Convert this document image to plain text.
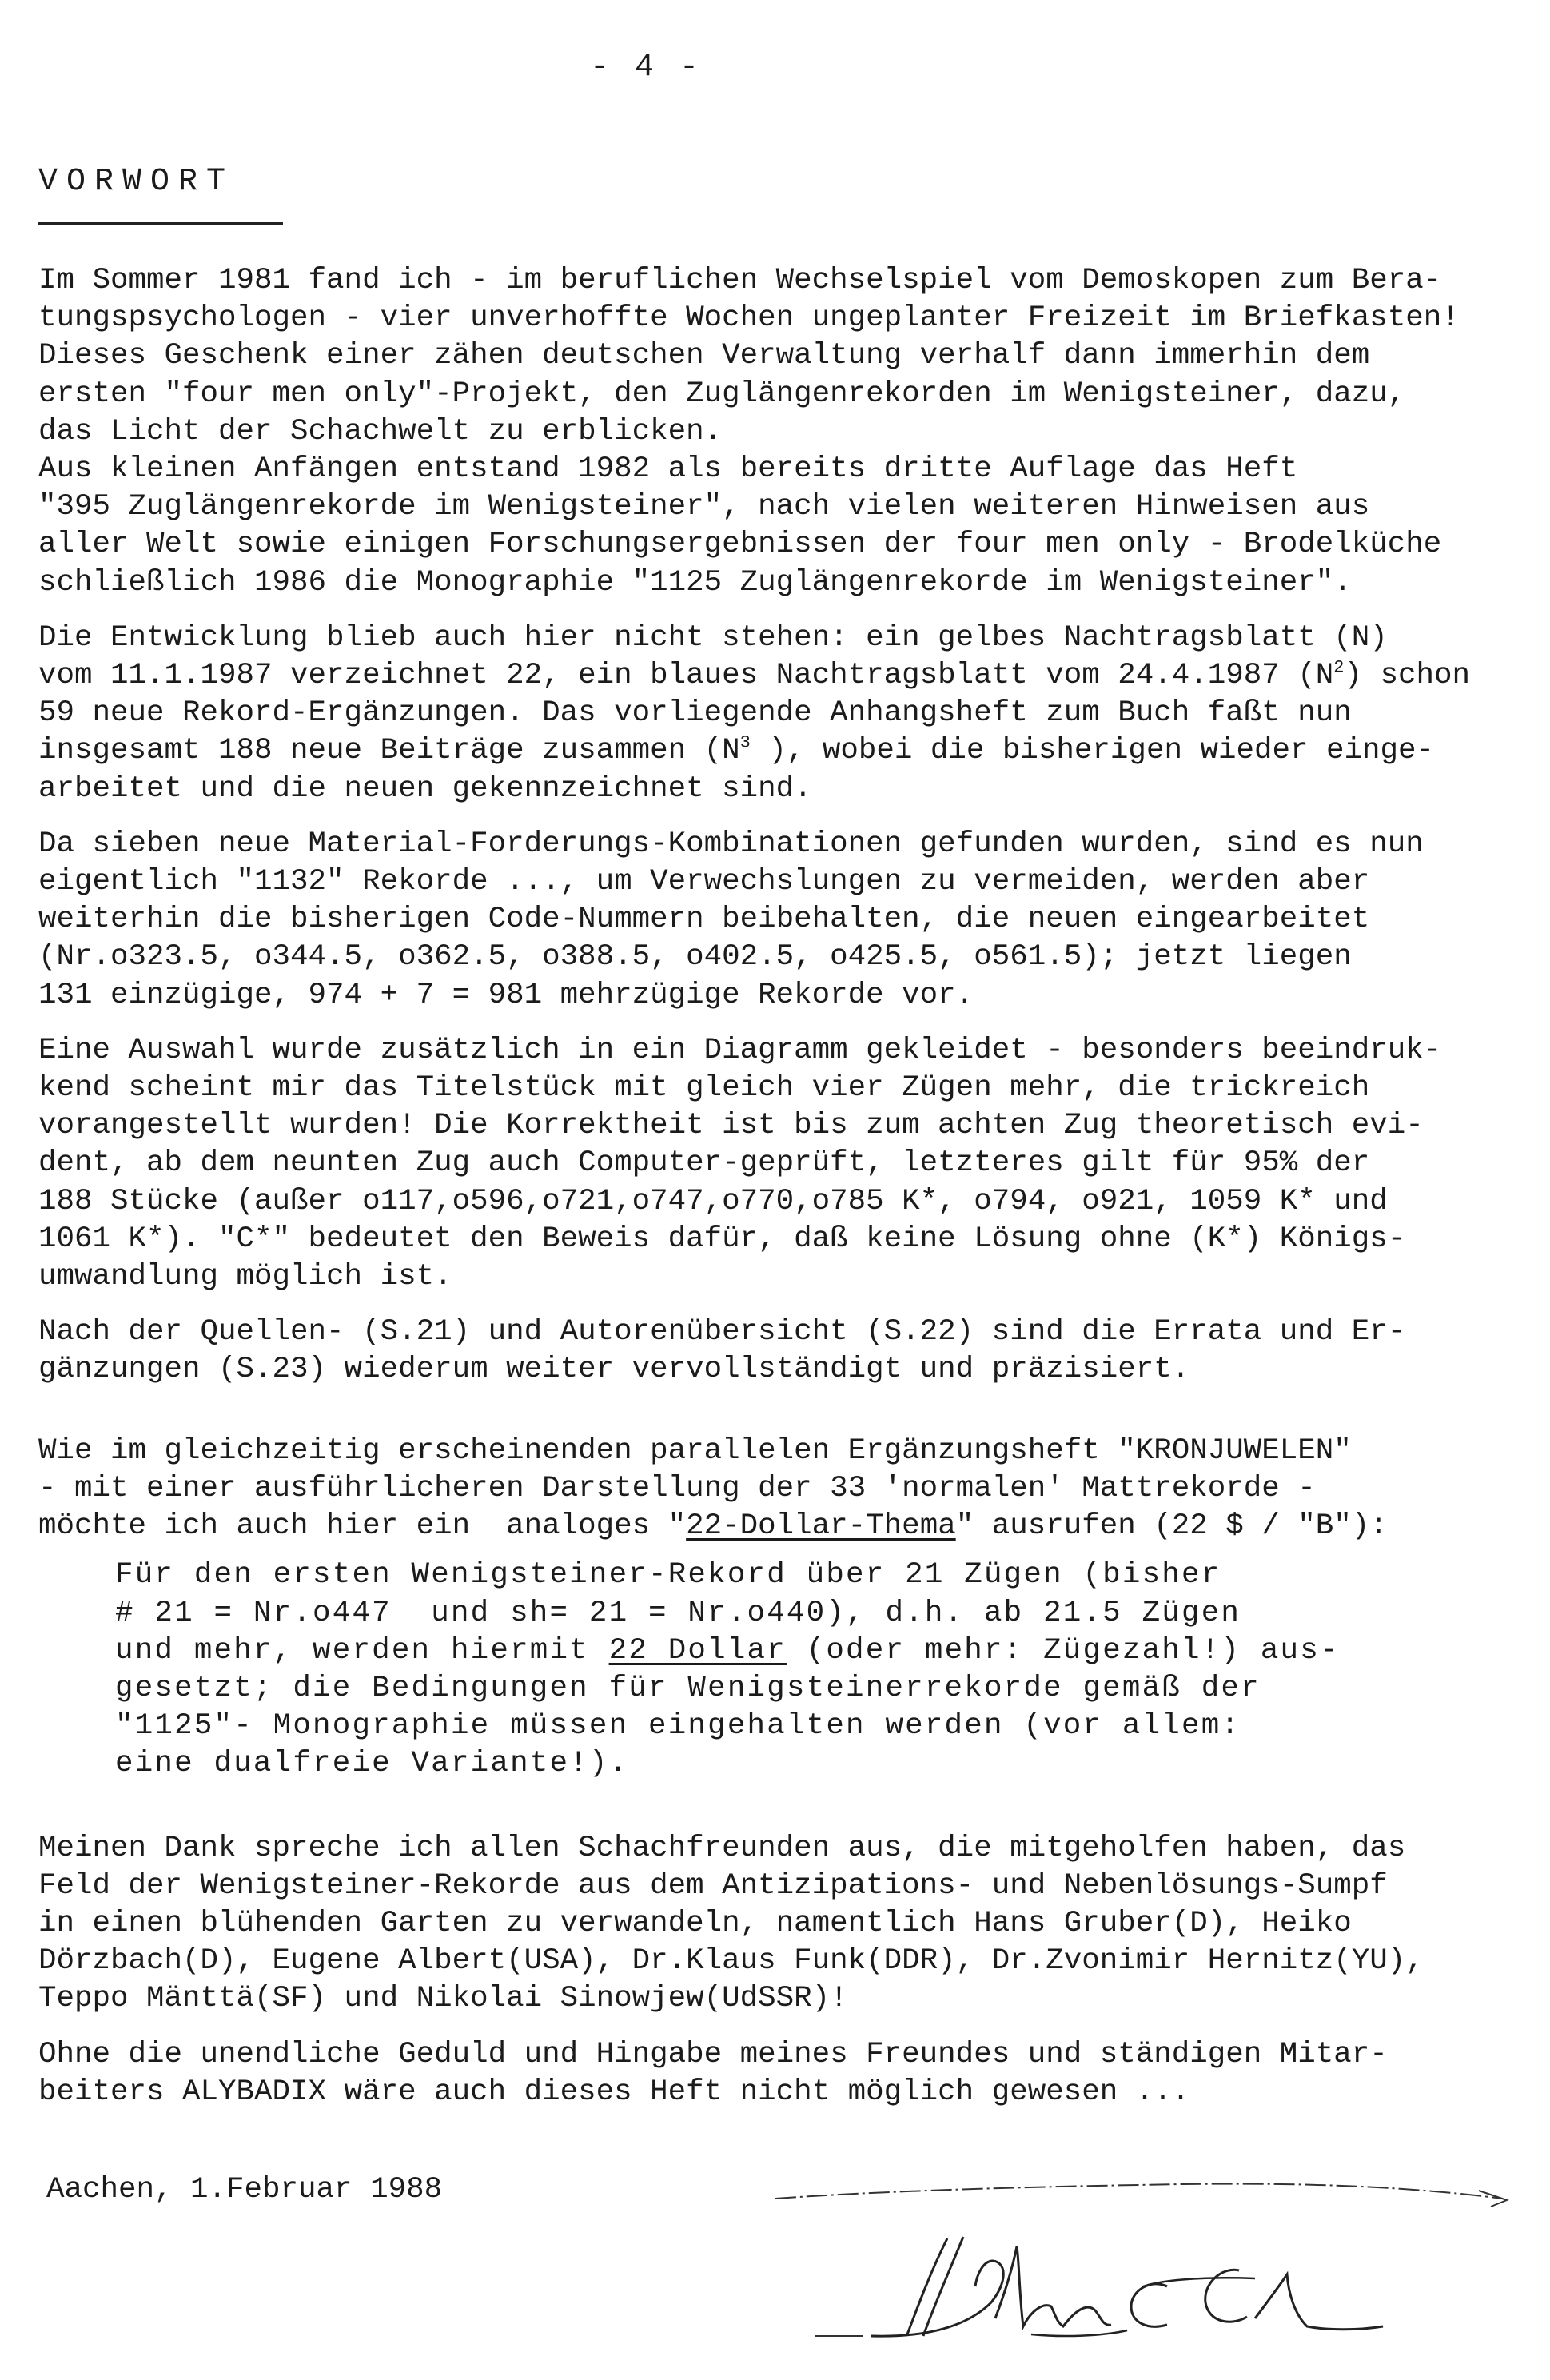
- 4 -
VORWORT
Im Sommer 1981 fand ich - im beruflichen Wechselspiel vom Demoskopen zum Bera-
tungspsychologen - vier unverhoffte Wochen ungeplanter Freizeit im Briefkasten!
Dieses Geschenk einer zähen deutschen Verwaltung verhalf dann immerhin dem
ersten "four men only"-Projekt, den Zuglängenrekorden im Wenigsteiner, dazu,
das Licht der Schachwelt zu erblicken.
Aus kleinen Anfängen entstand 1982 als bereits dritte Auflage das Heft
"395 Zuglängenrekorde im Wenigsteiner", nach vielen weiteren Hinweisen aus
aller Welt sowie einigen Forschungsergebnissen der four men only - Brodelküche
schließlich 1986 die Monographie "1125 Zuglängenrekorde im Wenigsteiner".
Die Entwicklung blieb auch hier nicht stehen: ein gelbes Nachtragsblatt (N)
vom 11.1.1987 verzeichnet 22, ein blaues Nachtragsblatt vom 24.4.1987 $(N^2)$ schon
59 neue Rekord-Ergänzungen. Das vorliegende Anhangsheft zum Buch faßt nun
insgesamt 188 neue Beiträge zusammen ($N^3$ ), wobei die bisherigen wieder einge-
arbeitet und die neuen gekennzeichnet sind.
Da sieben neue Material-Forderungs-Kombinationen gefunden wurden, sind es nun
eigentlich "1132" Rekorde ..., um Verwechslungen zu vermeiden, werden aber
weiterhin die bisherigen Code-Nummern beibehalten, die neuen eingearbeitet
(Nr.o323.5, o344.5, o362.5, o388.5, o402.5, o425.5, o561.5); jetzt liegen
131 einzügige, 974 + 7 = 981 mehrzügige Rekorde vor.
Eine Auswahl wurde zusätzlich in ein Diagramm gekleidet - besonders beeindruk-
kend scheint mir das Titelstück mit gleich vier Zügen mehr, die trickreich
vorangestellt wurden! Die Korrektheit ist bis zum achten Zug theoretisch evi-
dent, ab dem neunten Zug auch Computer-geprüft, letzteres gilt für 95% der
188 Stücke (außer o117,o596,o721,o747,o770,o785 K*, o794, o921, 1059 K* und
1061 K*). "C*" bedeutet den Beweis dafür, daß keine Lösung ohne (K*) Königs-
umwandlung möglich ist.
Nach der Quellen- (S.21) und Autorenübersicht (S.22) sind die Errata und Er-
gänzungen (S.23) wiederum weiter vervollständigt und präzisiert.
Wie im gleichzeitig erscheinenden parallelen Ergänzungsheft "KRONJUWELEN"
- mit einer ausführlicheren Darstellung der 33 'normalen' Mattrekorde -
möchte ich auch hier ein  analoges "22-Dollar-Thema" ausrufen (22 $ / "B"):
Für den ersten Wenigsteiner-Rekord über 21 Zügen (bisher
# 21 = Nr.o447  und sh= 21 = Nr.o440), d.h. ab 21.5 Zügen
und mehr, werden hiermit 22 Dollar (oder mehr: Zügezahl!) aus-
gesetzt; die Bedingungen für Wenigsteinerrekorde gemäß der
"1125"- Monographie müssen eingehalten werden (vor allem:
eine dualfreie Variante!).
Meinen Dank spreche ich allen Schachfreunden aus, die mitgeholfen haben, das
Feld der Wenigsteiner-Rekorde aus dem Antizipations- und Nebenlösungs-Sumpf
in einen blühenden Garten zu verwandeln, namentlich Hans Gruber(D), Heiko
Dörzbach(D), Eugene Albert(USA), Dr.Klaus Funk(DDR), Dr.Zvonimir Hernitz(YU),
Teppo Mänttä(SF) und Nikolai Sinowjew(UdSSR)!
Ohne die unendliche Geduld und Hingabe meines Freundes und ständigen Mitar-
beiters ALYBADIX wäre auch dieses Heft nicht möglich gewesen ...
Aachen, 1.Februar 1988
